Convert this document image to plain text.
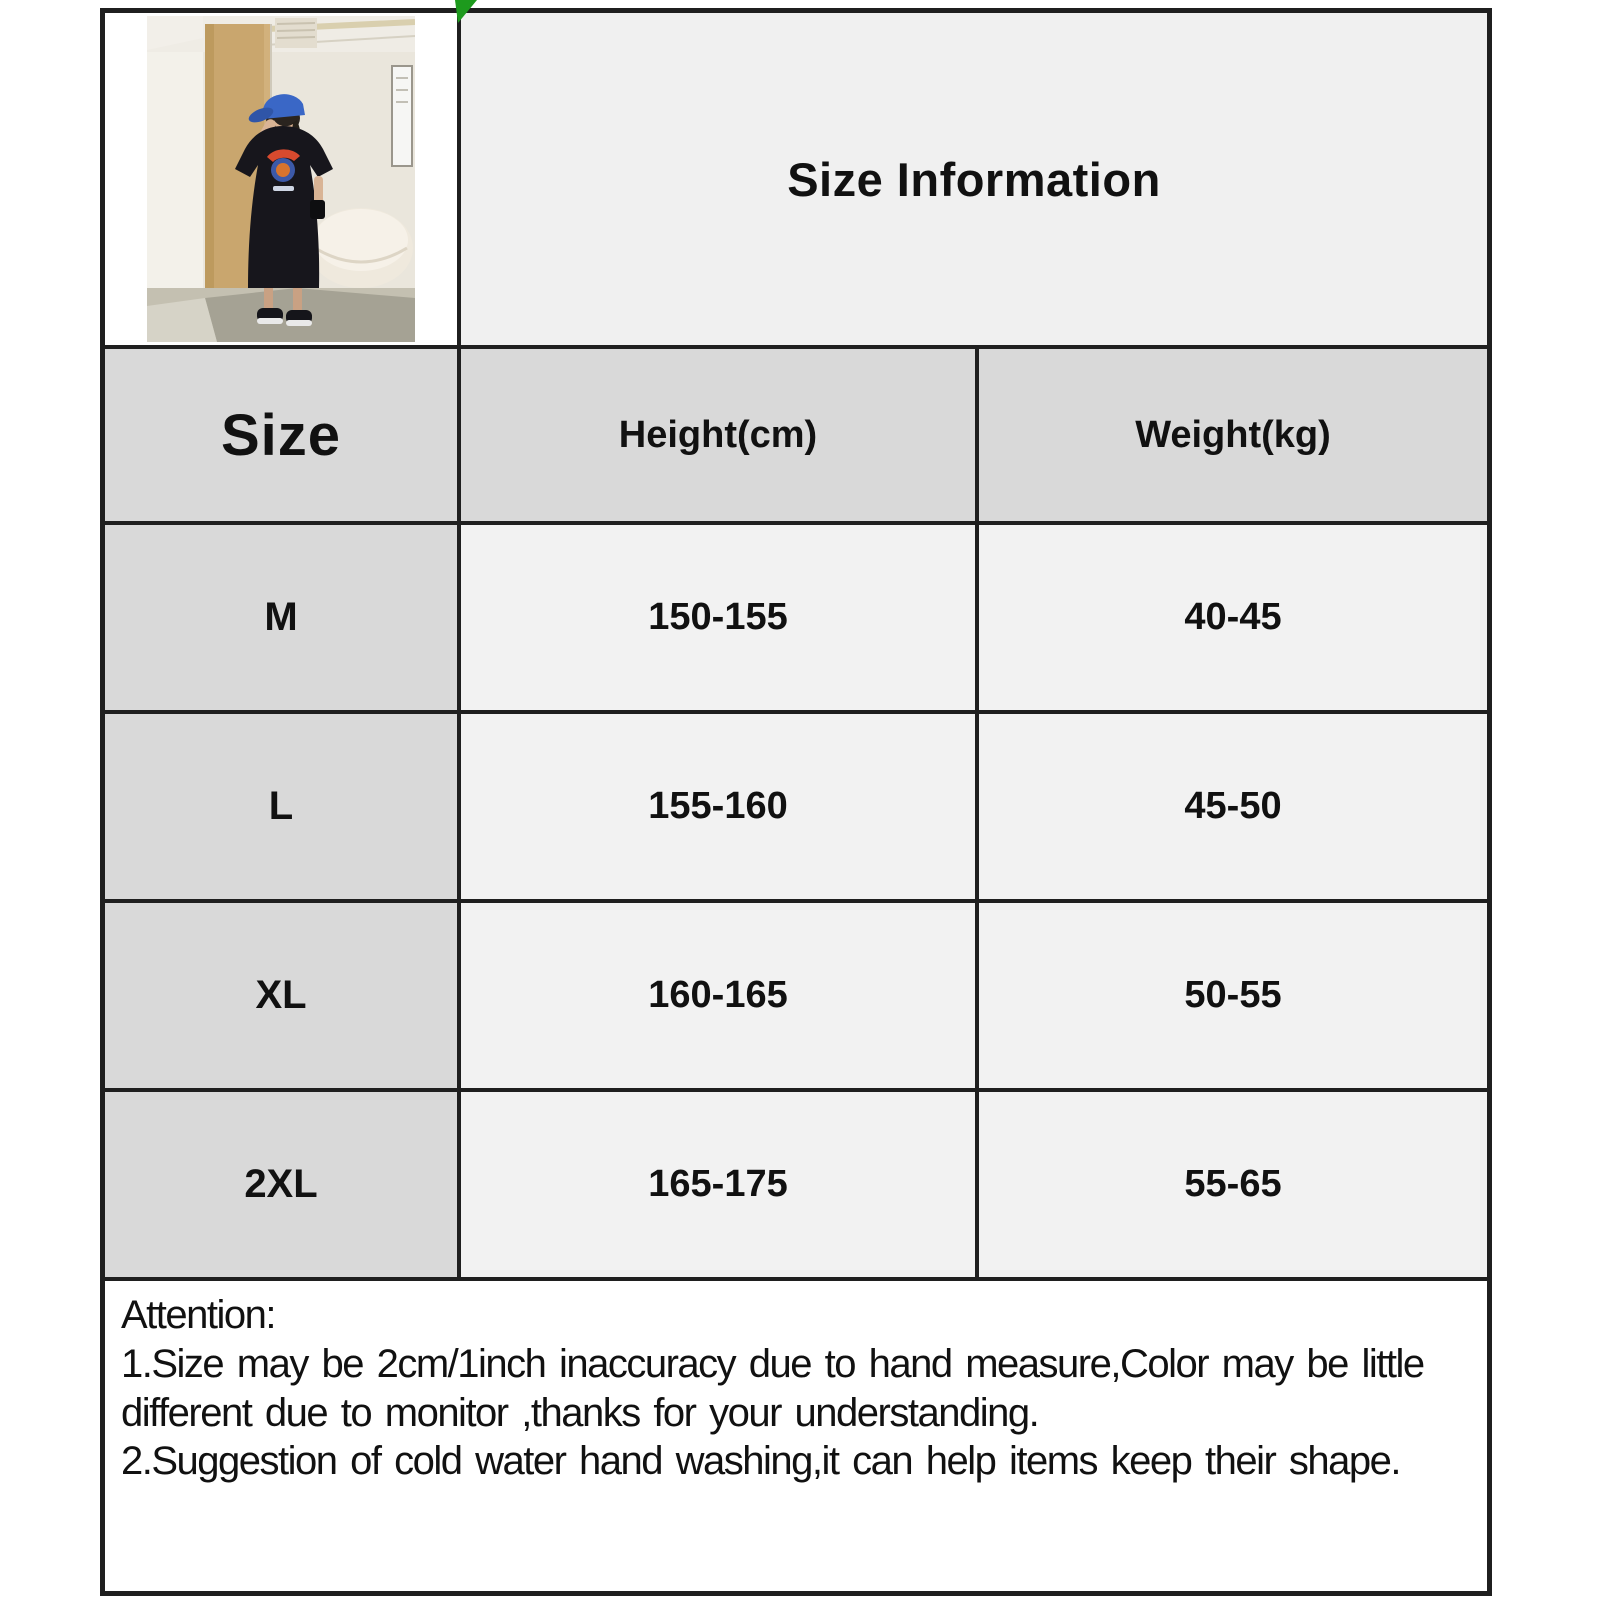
Size Information
Size	Height(cm)	Weight(kg)
M	150-155	40-45
L	155-160	45-50
XL	160-165	50-55
2XL	165-175	55-65
Attention:
1.Size may be 2cm/1inch inaccuracy due to hand measure,Color may be little different due to monitor ,thanks for your understanding.
2.Suggestion of cold water hand washing,it can help items keep their shape.
